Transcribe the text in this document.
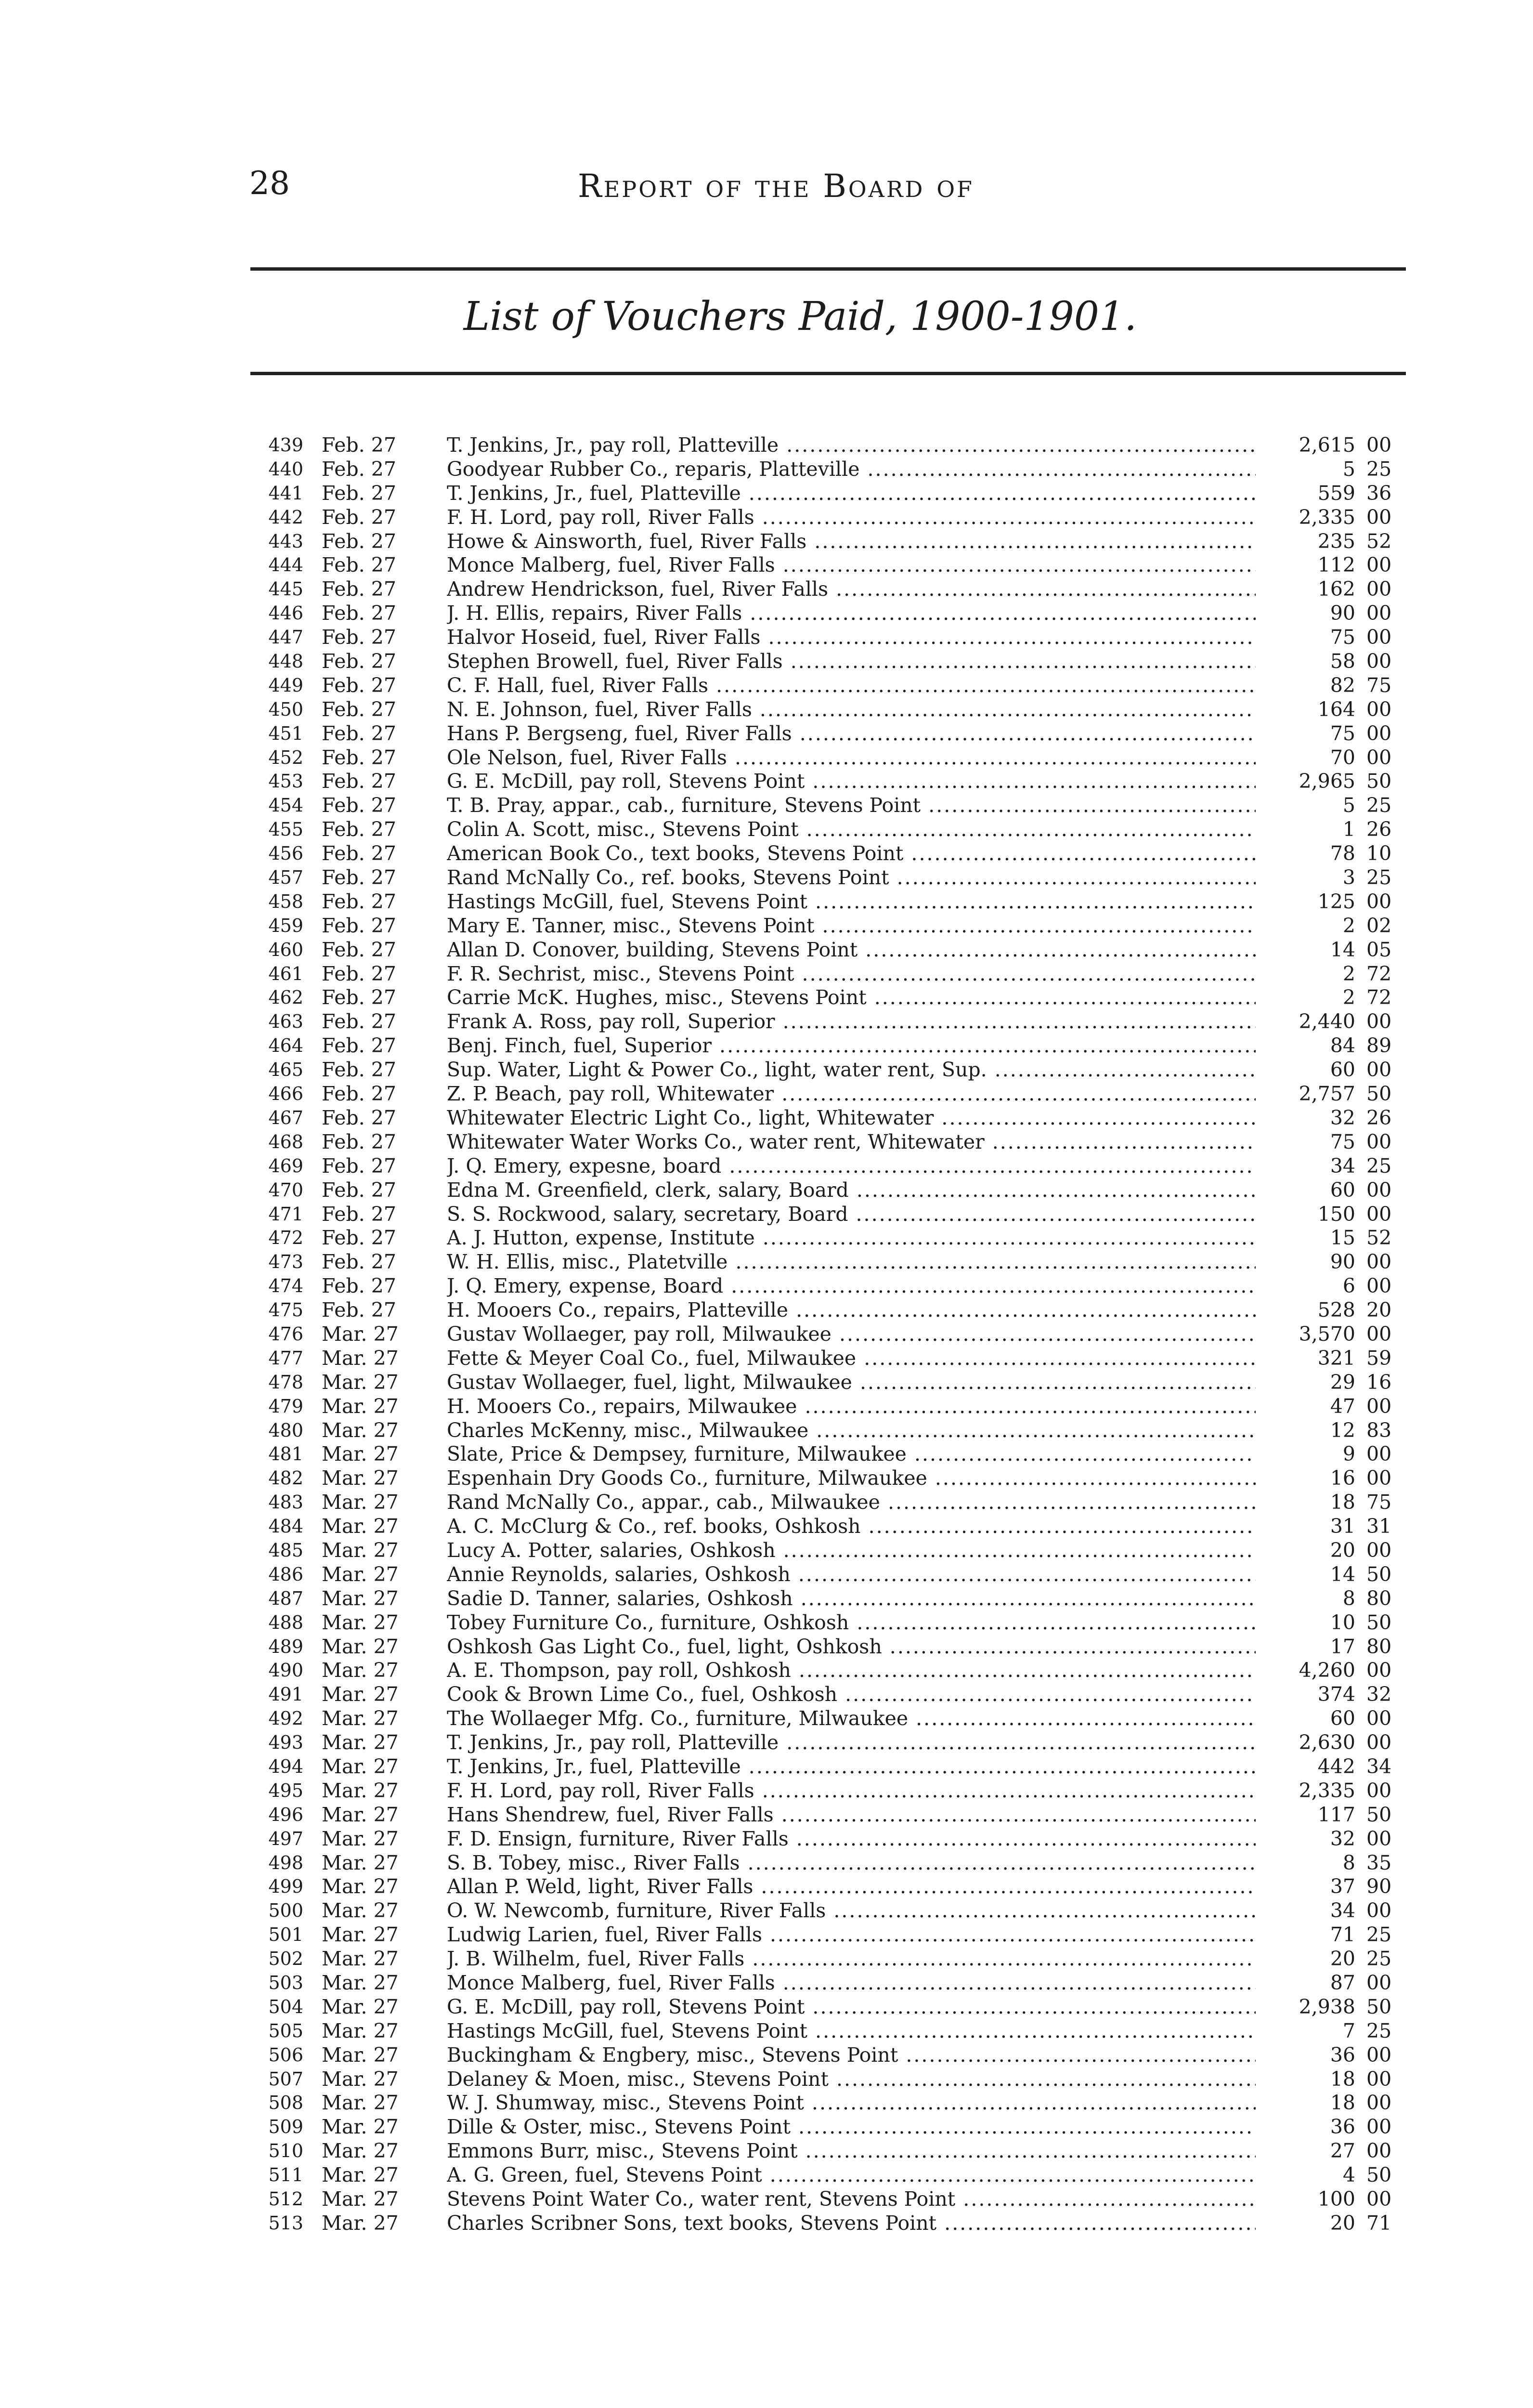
28	Report of the Board of
List of Vouchers Paid, 1900-1901.
439 Feb. 27	T. Jenkins, Jr., pay roll, Platteville .....	2,615 00
440 Feb. 27	Goodyear Rubber Co., reparis, Platteville .....	5 25
441 Feb. 27	T. Jenkins, Jr., fuel, Platteville .....	559 36
442 Feb. 27	F. H. Lord, pay roll, River Falls .....	2,335 00
443 Feb. 27	Howe & Ainsworth, fuel, River Falls .....	235 52
444 Feb. 27	Monce Malberg, fuel, River Falls .....	112 00
445 Feb. 27	Andrew Hendrickson, fuel, River Falls .....	162 00
446 Feb. 27	J. H. Ellis, repairs, River Falls .....	90 00
447 Feb. 27	Halvor Hoseid, fuel, River Falls .....	75 00
448 Feb. 27	Stephen Browell, fuel, River Falls .....	58 00
449 Feb. 27	C. F. Hall, fuel, River Falls .....	82 75
450 Feb. 27	N. E. Johnson, fuel, River Falls .....	164 00
451 Feb. 27	Hans P. Bergseng, fuel, River Falls .....	75 00
452 Feb. 27	Ole Nelson, fuel, River Falls .....	70 00
453 Feb. 27	G. E. McDill, pay roll, Stevens Point .....	2,965 50
454 Feb. 27	T. B. Pray, appar., cab., furniture, Stevens Point .....	5 25
455 Feb. 27	Colin A. Scott, misc., Stevens Point .....	1 26
456 Feb. 27	American Book Co., text books, Stevens Point .....	78 10
457 Feb. 27	Rand McNally Co., ref. books, Stevens Point .....	3 25
458 Feb. 27	Hastings McGill, fuel, Stevens Point .....	125 00
459 Feb. 27	Mary E. Tanner, misc., Stevens Point .....	2 02
460 Feb. 27	Allan D. Conover, building, Stevens Point .....	14 05
461 Feb. 27	F. R. Sechrist, misc., Stevens Point .....	2 72
462 Feb. 27	Carrie McK. Hughes, misc., Stevens Point .....	2 72
463 Feb. 27	Frank A. Ross, pay roll, Superior .....	2,440 00
464 Feb. 27	Benj. Finch, fuel, Superior .....	84 89
465 Feb. 27	Sup. Water, Light & Power Co., light, water rent, Sup. .....	60 00
466 Feb. 27	Z. P. Beach, pay roll, Whitewater .....	2,757 50
467 Feb. 27	Whitewater Electric Light Co., light, Whitewater .....	32 26
468 Feb. 27	Whitewater Water Works Co., water rent, Whitewater .....	75 00
469 Feb. 27	J. Q. Emery, expesne, board .....	34 25
470 Feb. 27	Edna M. Greenfield, clerk, salary, Board .....	60 00
471 Feb. 27	S. S. Rockwood, salary, secretary, Board .....	150 00
472 Feb. 27	A. J. Hutton, expense, Institute .....	15 52
473 Feb. 27	W. H. Ellis, misc., Platetville .....	90 00
474 Feb. 27	J. Q. Emery, expense, Board .....	6 00
475 Feb. 27	H. Mooers Co., repairs, Platteville .....	528 20
476 Mar. 27	Gustav Wollaeger, pay roll, Milwaukee .....	3,570 00
477 Mar. 27	Fette & Meyer Coal Co., fuel, Milwaukee .....	321 59
478 Mar. 27	Gustav Wollaeger, fuel, light, Milwaukee .....	29 16
479 Mar. 27	H. Mooers Co., repairs, Milwaukee .....	47 00
480 Mar. 27	Charles McKenny, misc., Milwaukee .....	12 83
481 Mar. 27	Slate, Price & Dempsey, furniture, Milwaukee .....	9 00
482 Mar. 27	Espenhain Dry Goods Co., furniture, Milwaukee .....	16 00
483 Mar. 27	Rand McNally Co., appar., cab., Milwaukee .....	18 75
484 Mar. 27	A. C. McClurg & Co., ref. books, Oshkosh .....	31 31
485 Mar. 27	Lucy A. Potter, salaries, Oshkosh .....	20 00
486 Mar. 27	Annie Reynolds, salaries, Oshkosh .....	14 50
487 Mar. 27	Sadie D. Tanner, salaries, Oshkosh .....	8 80
488 Mar. 27	Tobey Furniture Co., furniture, Oshkosh .....	10 50
489 Mar. 27	Oshkosh Gas Light Co., fuel, light, Oshkosh .....	17 80
490 Mar. 27	A. E. Thompson, pay roll, Oshkosh .....	4,260 00
491 Mar. 27	Cook & Brown Lime Co., fuel, Oshkosh .....	374 32
492 Mar. 27	The Wollaeger Mfg. Co., furniture, Milwaukee .....	60 00
493 Mar. 27	T. Jenkins, Jr., pay roll, Platteville .....	2,630 00
494 Mar. 27	T. Jenkins, Jr., fuel, Platteville .....	442 34
495 Mar. 27	F. H. Lord, pay roll, River Falls .....	2,335 00
496 Mar. 27	Hans Shendrew, fuel, River Falls .....	117 50
497 Mar. 27	F. D. Ensign, furniture, River Falls .....	32 00
498 Mar. 27	S. B. Tobey, misc., River Falls .....	8 35
499 Mar. 27	Allan P. Weld, light, River Falls .....	37 90
500 Mar. 27	O. W. Newcomb, furniture, River Falls .....	34 00
501 Mar. 27	Ludwig Larien, fuel, River Falls .....	71 25
502 Mar. 27	J. B. Wilhelm, fuel, River Falls .....	20 25
503 Mar. 27	Monce Malberg, fuel, River Falls .....	87 00
504 Mar. 27	G. E. McDill, pay roll, Stevens Point .....	2,938 50
505 Mar. 27	Hastings McGill, fuel, Stevens Point .....	7 25
506 Mar. 27	Buckingham & Engbery, misc., Stevens Point .....	36 00
507 Mar. 27	Delaney & Moen, misc., Stevens Point .....	18 00
508 Mar. 27	W. J. Shumway, misc., Stevens Point .....	18 00
509 Mar. 27	Dille & Oster, misc., Stevens Point .....	36 00
510 Mar. 27	Emmons Burr, misc., Stevens Point .....	27 00
511 Mar. 27	A. G. Green, fuel, Stevens Point .....	4 50
512 Mar. 27	Stevens Point Water Co., water rent, Stevens Point .....	100 00
513 Mar. 27	Charles Scribner Sons, text books, Stevens Point .....	20 71
